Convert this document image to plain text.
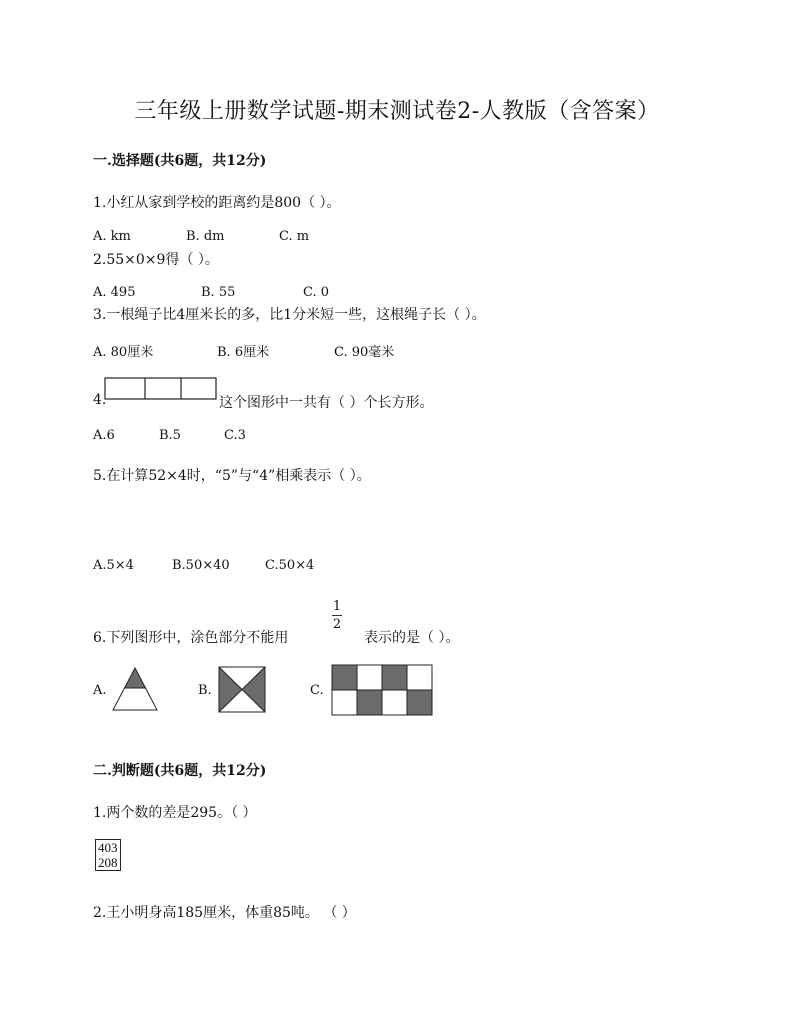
三年级上册数学试题-期末测试卷2-人教版（含答案）
一.选择题(共6题，共12分)
1.小红从家到学校的距离约是800（ ）。
A. km	B. dm	C. m
2.55×0×9得（ ）。
A. 495	B. 55	C. 0
3.一根绳子比4厘米长的多，比1分米短一些，这根绳子长（ ）。
A. 80厘米	B. 6厘米	C. 90毫米
4.	这个图形中一共有（ ）个长方形。
A.6	B.5	C.3
5.在计算52×4时，“5”与“4”相乘表示（ ）。
A.5×4	B.50×40	C.50×4
6.下列图形中，涂色部分不能用
1
2
表示的是（ ）。
A.	B.	C.
二.判断题(共6题，共12分)
1.两个数的差是295。（ ）
403
208
2.王小明身高185厘米，体重85吨。 （ ）
